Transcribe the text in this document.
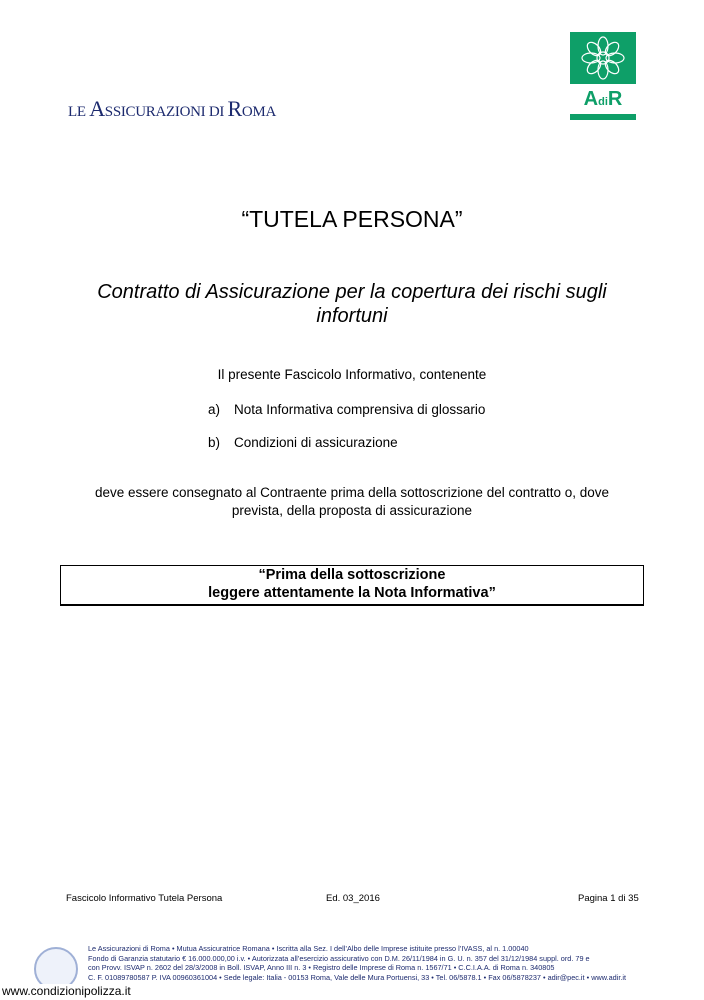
LE ASSICURAZIONI DI ROMA
AdiR
“TUTELA PERSONA”
Contratto di Assicurazione per la copertura dei rischi sugli infortuni
Il presente Fascicolo Informativo, contenente
a) Nota Informativa comprensiva di glossario
b) Condizioni di assicurazione
deve essere consegnato al Contraente prima della sottoscrizione del contratto o, dove
prevista, della proposta di assicurazione
“Prima della sottoscrizione
leggere attentamente la Nota Informativa”
Fascicolo Informativo Tutela Persona	Ed. 03_2016	Pagina 1 di 35
Le Assicurazioni di Roma • Mutua Assicuratrice Romana • Iscritta alla Sez. I dell’Albo delle Imprese istituite presso l’IVASS, al n. 1.00040
Fondo di Garanzia statutario € 16.000.000,00 i.v. • Autorizzata all’esercizio assicurativo con D.M. 26/11/1984 in G. U. n. 357 del 31/12/1984 suppl. ord. 79 e
con Provv. ISVAP n. 2602 del 28/3/2008 in Boll. ISVAP, Anno III n. 3 • Registro delle Imprese di Roma n. 1567/71 • C.C.I.A.A. di Roma n. 340805
C. F. 01089780587 P. IVA 00960361004 • Sede legale: Italia - 00153 Roma, Vale delle Mura Portuensi, 33 • Tel. 06/5878.1 • Fax 06/5878237 • adir@pec.it • www.adir.it
www.condizionipolizza.it
